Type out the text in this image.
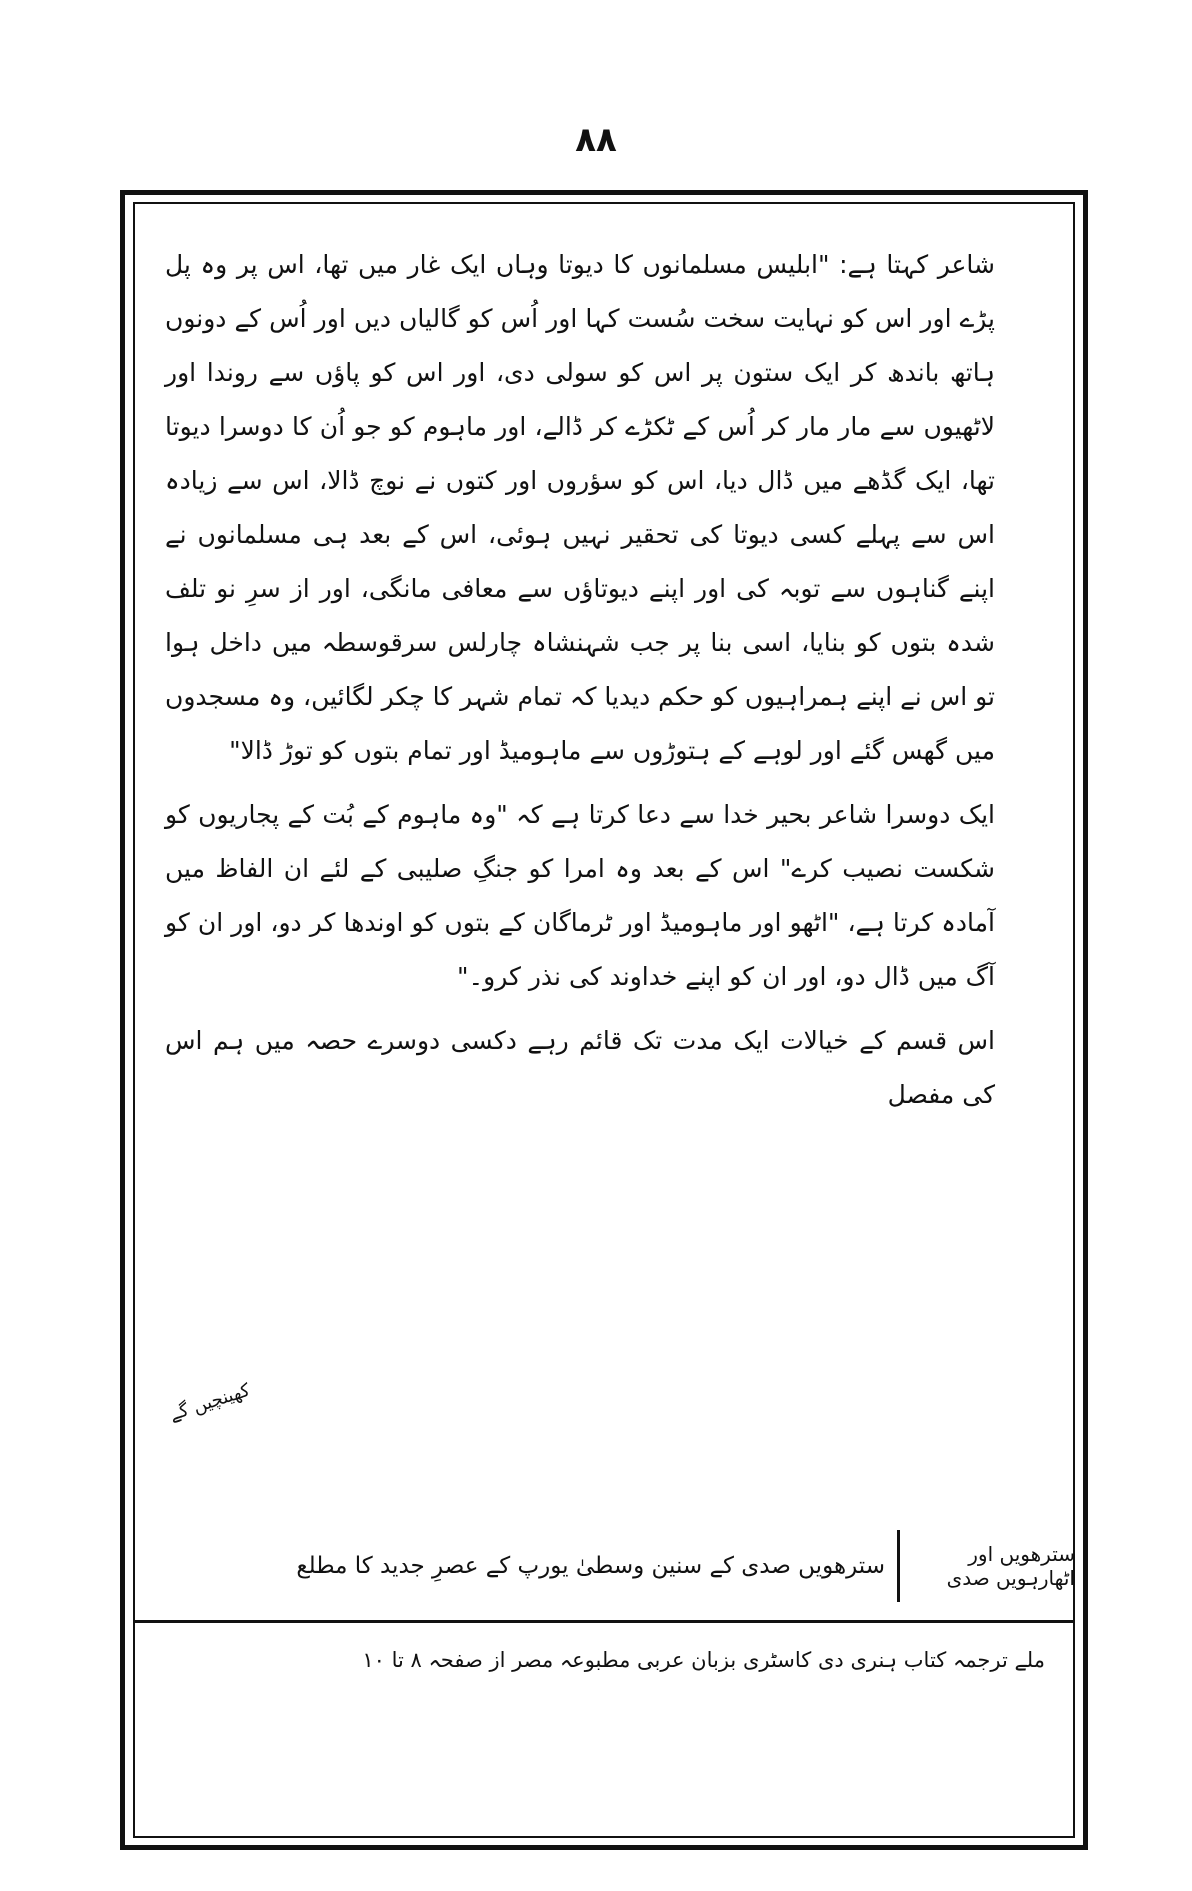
٨٨

شاعر کہتا ہے: "ابلیس مسلمانوں کا دیوتا وہاں ایک غار میں تھا، اس پر وہ پل پڑے اور اس کو نہایت سخت سُست کہا اور اُس کو گالیاں دیں اور اُس کے دونوں ہاتھ باندھ کر ایک ستون پر اس کو سولی دی، اور اس کو پاؤں سے روندا اور لاٹھیوں سے مار مار کر اُس کے ٹکڑے کر ڈالے، اور ماہوم کو جو اُن کا دوسرا دیوتا تھا، ایک گڈھے میں ڈال دیا، اس کو سؤروں اور کتوں نے نوچ ڈالا، اس سے زیادہ اس سے پہلے کسی دیوتا کی تحقیر نہیں ہوئی، اس کے بعد ہی مسلمانوں نے اپنے گناہوں سے توبہ کی اور اپنے دیوتاؤں سے معافی مانگی، اور از سرِ نو تلف شدہ بتوں کو بنایا، اسی بنا پر جب شہنشاہ چارلس سرقوسطہ میں داخل ہوا تو اس نے اپنے ہمراہیوں کو حکم دیدیا کہ تمام شہر کا چکر لگائیں، وہ مسجدوں میں گھس گئے اور لوہے کے ہتوڑوں سے ماہومیڈ اور تمام بتوں کو توڑ ڈالا"

ایک دوسرا شاعر بحیر خدا سے دعا کرتا ہے کہ "وہ ماہوم کے بُت کے پجاریوں کو شکست نصیب کرے" اس کے بعد وہ امرا کو جنگِ صلیبی کے لئے ان الفاظ میں آمادہ کرتا ہے، "اٹھو اور ماہومیڈ اور ٹرماگان کے بتوں کو اوندھا کر دو، اور ان کو آگ میں ڈال دو، اور ان کو اپنے خداوند کی نذر کرو۔"

اس قسم کے خیالات ایک مدت تک قائم رہے دکسی دوسرے حصہ میں ہم اس کی مفصل

کھینچیں گے
سترھویں اور اٹھارہویں صدی
سترھویں صدی کے سنین وسطیٰ یورپ کے عصرِ جدید کا مطلع
ملے ترجمہ کتاب ہنری دی کاسٹری بزبان عربی مطبوعہ مصر از صفحہ ۸ تا ۱۰
